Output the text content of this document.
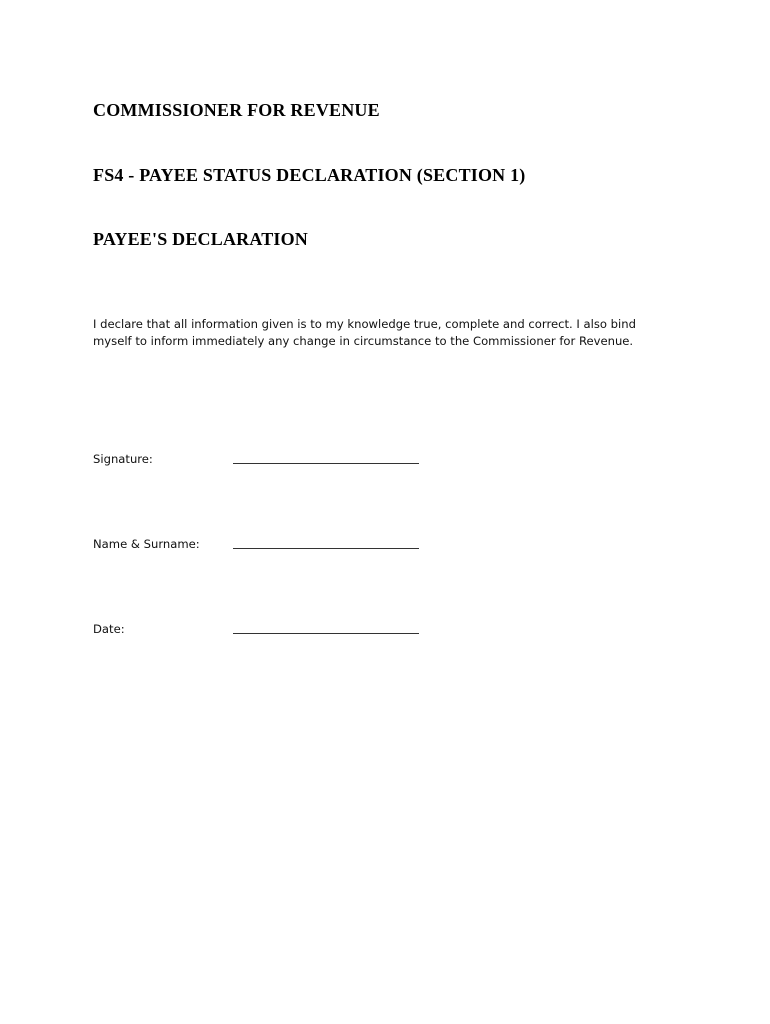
COMMISSIONER FOR REVENUE
FS4 - PAYEE STATUS DECLARATION (SECTION 1)
PAYEE'S DECLARATION

I declare that all information given is to my knowledge true, complete and correct. I also bind
myself to inform immediately any change in circumstance to the Commissioner for Revenue.

Signature:
Name & Surname:
Date:
